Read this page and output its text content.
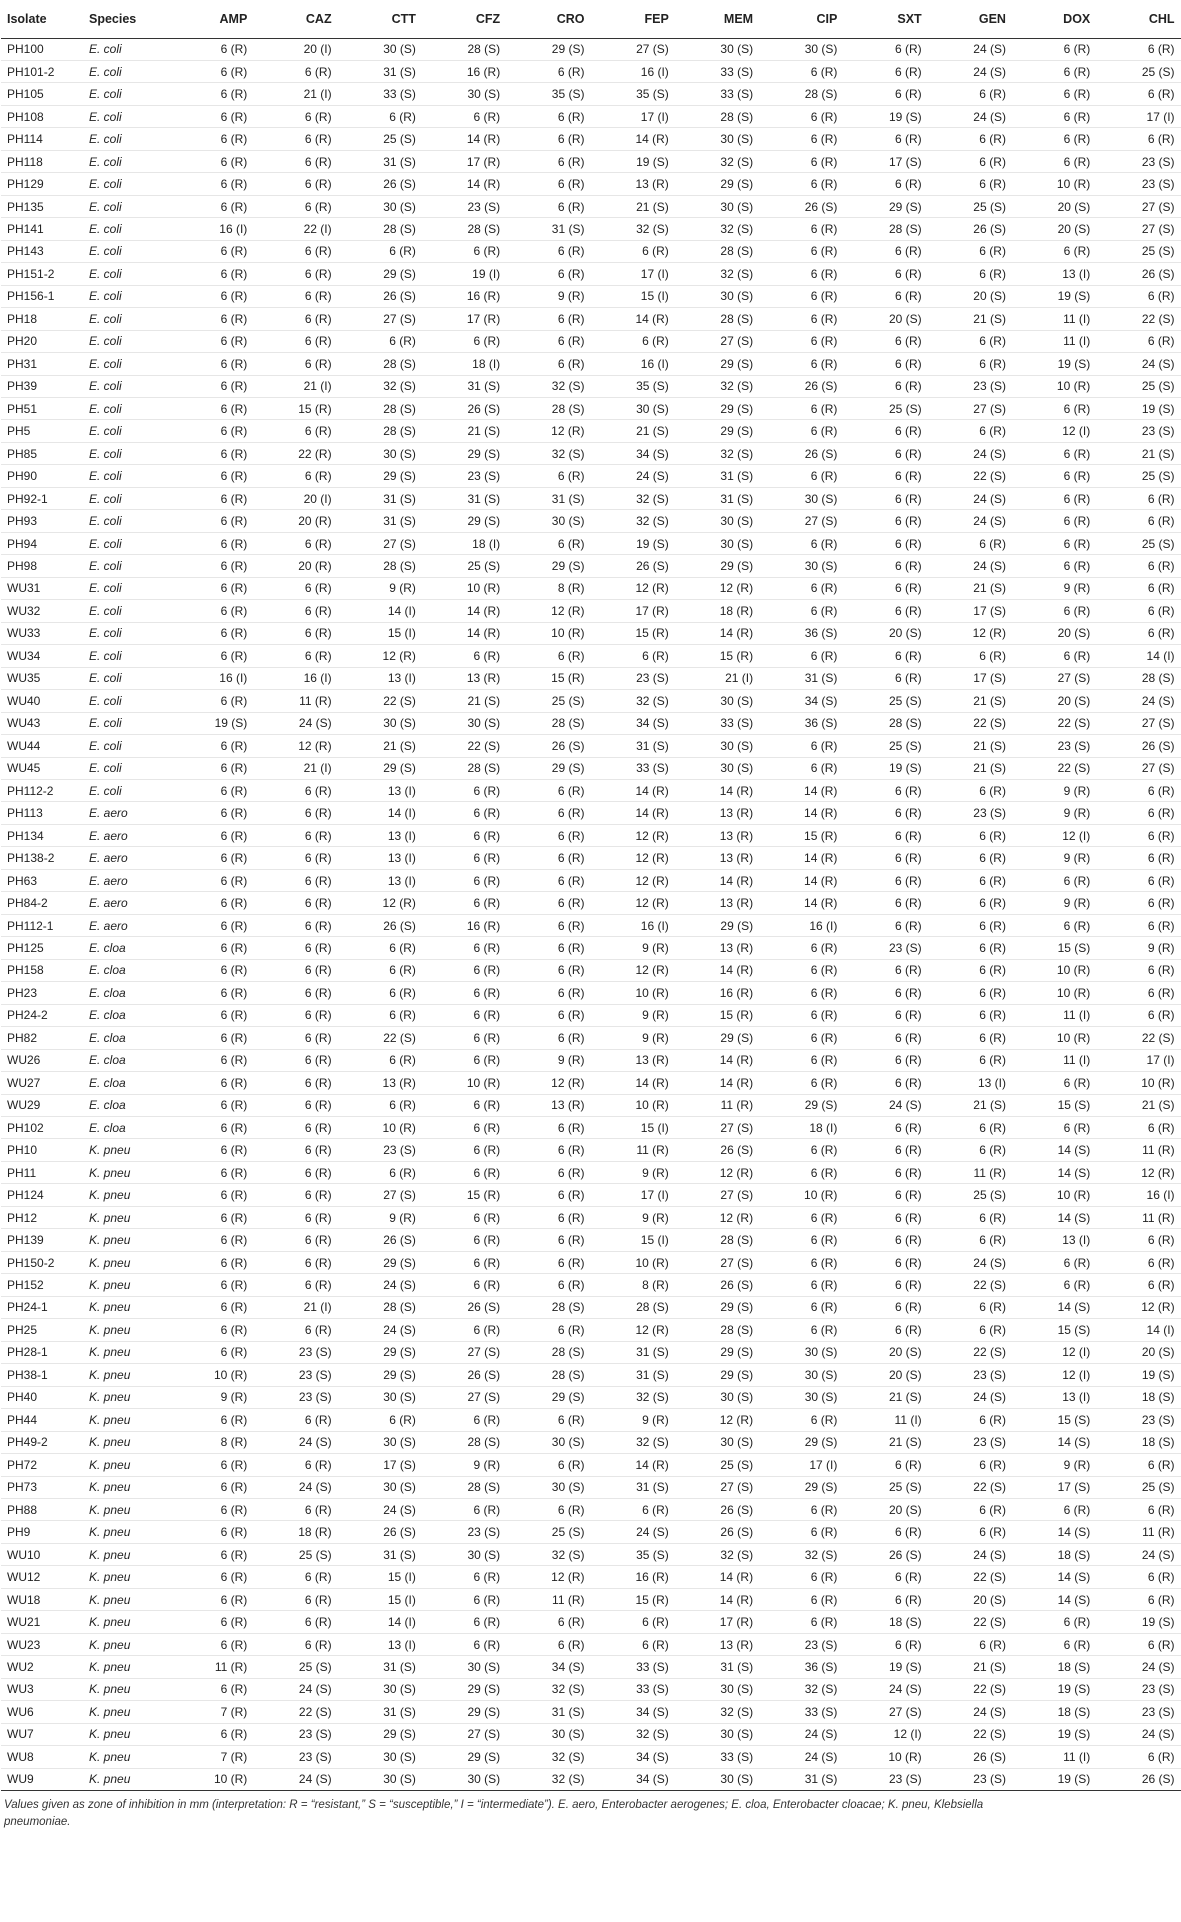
Isolate	Species	AMP	CAZ	CTT	CFZ	CRO	FEP	MEM	CIP	SXT	GEN	DOX	CHL
PH100	E. coli	6 (R)	20 (I)	30 (S)	28 (S)	29 (S)	27 (S)	30 (S)	30 (S)	6 (R)	24 (S)	6 (R)	6 (R)
PH101-2	E. coli	6 (R)	6 (R)	31 (S)	16 (R)	6 (R)	16 (I)	33 (S)	6 (R)	6 (R)	24 (S)	6 (R)	25 (S)
PH105	E. coli	6 (R)	21 (I)	33 (S)	30 (S)	35 (S)	35 (S)	33 (S)	28 (S)	6 (R)	6 (R)	6 (R)	6 (R)
PH108	E. coli	6 (R)	6 (R)	6 (R)	6 (R)	6 (R)	17 (I)	28 (S)	6 (R)	19 (S)	24 (S)	6 (R)	17 (I)
PH114	E. coli	6 (R)	6 (R)	25 (S)	14 (R)	6 (R)	14 (R)	30 (S)	6 (R)	6 (R)	6 (R)	6 (R)	6 (R)
PH118	E. coli	6 (R)	6 (R)	31 (S)	17 (R)	6 (R)	19 (S)	32 (S)	6 (R)	17 (S)	6 (R)	6 (R)	23 (S)
PH129	E. coli	6 (R)	6 (R)	26 (S)	14 (R)	6 (R)	13 (R)	29 (S)	6 (R)	6 (R)	6 (R)	10 (R)	23 (S)
PH135	E. coli	6 (R)	6 (R)	30 (S)	23 (S)	6 (R)	21 (S)	30 (S)	26 (S)	29 (S)	25 (S)	20 (S)	27 (S)
PH141	E. coli	16 (I)	22 (I)	28 (S)	28 (S)	31 (S)	32 (S)	32 (S)	6 (R)	28 (S)	26 (S)	20 (S)	27 (S)
PH143	E. coli	6 (R)	6 (R)	6 (R)	6 (R)	6 (R)	6 (R)	28 (S)	6 (R)	6 (R)	6 (R)	6 (R)	25 (S)
PH151-2	E. coli	6 (R)	6 (R)	29 (S)	19 (I)	6 (R)	17 (I)	32 (S)	6 (R)	6 (R)	6 (R)	13 (I)	26 (S)
PH156-1	E. coli	6 (R)	6 (R)	26 (S)	16 (R)	9 (R)	15 (I)	30 (S)	6 (R)	6 (R)	20 (S)	19 (S)	6 (R)
PH18	E. coli	6 (R)	6 (R)	27 (S)	17 (R)	6 (R)	14 (R)	28 (S)	6 (R)	20 (S)	21 (S)	11 (I)	22 (S)
PH20	E. coli	6 (R)	6 (R)	6 (R)	6 (R)	6 (R)	6 (R)	27 (S)	6 (R)	6 (R)	6 (R)	11 (I)	6 (R)
PH31	E. coli	6 (R)	6 (R)	28 (S)	18 (I)	6 (R)	16 (I)	29 (S)	6 (R)	6 (R)	6 (R)	19 (S)	24 (S)
PH39	E. coli	6 (R)	21 (I)	32 (S)	31 (S)	32 (S)	35 (S)	32 (S)	26 (S)	6 (R)	23 (S)	10 (R)	25 (S)
PH51	E. coli	6 (R)	15 (R)	28 (S)	26 (S)	28 (S)	30 (S)	29 (S)	6 (R)	25 (S)	27 (S)	6 (R)	19 (S)
PH5	E. coli	6 (R)	6 (R)	28 (S)	21 (S)	12 (R)	21 (S)	29 (S)	6 (R)	6 (R)	6 (R)	12 (I)	23 (S)
PH85	E. coli	6 (R)	22 (R)	30 (S)	29 (S)	32 (S)	34 (S)	32 (S)	26 (S)	6 (R)	24 (S)	6 (R)	21 (S)
PH90	E. coli	6 (R)	6 (R)	29 (S)	23 (S)	6 (R)	24 (S)	31 (S)	6 (R)	6 (R)	22 (S)	6 (R)	25 (S)
PH92-1	E. coli	6 (R)	20 (I)	31 (S)	31 (S)	31 (S)	32 (S)	31 (S)	30 (S)	6 (R)	24 (S)	6 (R)	6 (R)
PH93	E. coli	6 (R)	20 (R)	31 (S)	29 (S)	30 (S)	32 (S)	30 (S)	27 (S)	6 (R)	24 (S)	6 (R)	6 (R)
PH94	E. coli	6 (R)	6 (R)	27 (S)	18 (I)	6 (R)	19 (S)	30 (S)	6 (R)	6 (R)	6 (R)	6 (R)	25 (S)
PH98	E. coli	6 (R)	20 (R)	28 (S)	25 (S)	29 (S)	26 (S)	29 (S)	30 (S)	6 (R)	24 (S)	6 (R)	6 (R)
WU31	E. coli	6 (R)	6 (R)	9 (R)	10 (R)	8 (R)	12 (R)	12 (R)	6 (R)	6 (R)	21 (S)	9 (R)	6 (R)
WU32	E. coli	6 (R)	6 (R)	14 (I)	14 (R)	12 (R)	17 (R)	18 (R)	6 (R)	6 (R)	17 (S)	6 (R)	6 (R)
WU33	E. coli	6 (R)	6 (R)	15 (I)	14 (R)	10 (R)	15 (R)	14 (R)	36 (S)	20 (S)	12 (R)	20 (S)	6 (R)
WU34	E. coli	6 (R)	6 (R)	12 (R)	6 (R)	6 (R)	6 (R)	15 (R)	6 (R)	6 (R)	6 (R)	6 (R)	14 (I)
WU35	E. coli	16 (I)	16 (I)	13 (I)	13 (R)	15 (R)	23 (S)	21 (I)	31 (S)	6 (R)	17 (S)	27 (S)	28 (S)
WU40	E. coli	6 (R)	11 (R)	22 (S)	21 (S)	25 (S)	32 (S)	30 (S)	34 (S)	25 (S)	21 (S)	20 (S)	24 (S)
WU43	E. coli	19 (S)	24 (S)	30 (S)	30 (S)	28 (S)	34 (S)	33 (S)	36 (S)	28 (S)	22 (S)	22 (S)	27 (S)
WU44	E. coli	6 (R)	12 (R)	21 (S)	22 (S)	26 (S)	31 (S)	30 (S)	6 (R)	25 (S)	21 (S)	23 (S)	26 (S)
WU45	E. coli	6 (R)	21 (I)	29 (S)	28 (S)	29 (S)	33 (S)	30 (S)	6 (R)	19 (S)	21 (S)	22 (S)	27 (S)
PH112-2	E. coli	6 (R)	6 (R)	13 (I)	6 (R)	6 (R)	14 (R)	14 (R)	14 (R)	6 (R)	6 (R)	9 (R)	6 (R)
PH113	E. aero	6 (R)	6 (R)	14 (I)	6 (R)	6 (R)	14 (R)	13 (R)	14 (R)	6 (R)	23 (S)	9 (R)	6 (R)
PH134	E. aero	6 (R)	6 (R)	13 (I)	6 (R)	6 (R)	12 (R)	13 (R)	15 (R)	6 (R)	6 (R)	12 (I)	6 (R)
PH138-2	E. aero	6 (R)	6 (R)	13 (I)	6 (R)	6 (R)	12 (R)	13 (R)	14 (R)	6 (R)	6 (R)	9 (R)	6 (R)
PH63	E. aero	6 (R)	6 (R)	13 (I)	6 (R)	6 (R)	12 (R)	14 (R)	14 (R)	6 (R)	6 (R)	6 (R)	6 (R)
PH84-2	E. aero	6 (R)	6 (R)	12 (R)	6 (R)	6 (R)	12 (R)	13 (R)	14 (R)	6 (R)	6 (R)	9 (R)	6 (R)
PH112-1	E. aero	6 (R)	6 (R)	26 (S)	16 (R)	6 (R)	16 (I)	29 (S)	16 (I)	6 (R)	6 (R)	6 (R)	6 (R)
PH125	E. cloa	6 (R)	6 (R)	6 (R)	6 (R)	6 (R)	9 (R)	13 (R)	6 (R)	23 (S)	6 (R)	15 (S)	9 (R)
PH158	E. cloa	6 (R)	6 (R)	6 (R)	6 (R)	6 (R)	12 (R)	14 (R)	6 (R)	6 (R)	6 (R)	10 (R)	6 (R)
PH23	E. cloa	6 (R)	6 (R)	6 (R)	6 (R)	6 (R)	10 (R)	16 (R)	6 (R)	6 (R)	6 (R)	10 (R)	6 (R)
PH24-2	E. cloa	6 (R)	6 (R)	6 (R)	6 (R)	6 (R)	9 (R)	15 (R)	6 (R)	6 (R)	6 (R)	11 (I)	6 (R)
PH82	E. cloa	6 (R)	6 (R)	22 (S)	6 (R)	6 (R)	9 (R)	29 (S)	6 (R)	6 (R)	6 (R)	10 (R)	22 (S)
WU26	E. cloa	6 (R)	6 (R)	6 (R)	6 (R)	9 (R)	13 (R)	14 (R)	6 (R)	6 (R)	6 (R)	11 (I)	17 (I)
WU27	E. cloa	6 (R)	6 (R)	13 (R)	10 (R)	12 (R)	14 (R)	14 (R)	6 (R)	6 (R)	13 (I)	6 (R)	10 (R)
WU29	E. cloa	6 (R)	6 (R)	6 (R)	6 (R)	13 (R)	10 (R)	11 (R)	29 (S)	24 (S)	21 (S)	15 (S)	21 (S)
PH102	E. cloa	6 (R)	6 (R)	10 (R)	6 (R)	6 (R)	15 (I)	27 (S)	18 (I)	6 (R)	6 (R)	6 (R)	6 (R)
PH10	K. pneu	6 (R)	6 (R)	23 (S)	6 (R)	6 (R)	11 (R)	26 (S)	6 (R)	6 (R)	6 (R)	14 (S)	11 (R)
PH11	K. pneu	6 (R)	6 (R)	6 (R)	6 (R)	6 (R)	9 (R)	12 (R)	6 (R)	6 (R)	11 (R)	14 (S)	12 (R)
PH124	K. pneu	6 (R)	6 (R)	27 (S)	15 (R)	6 (R)	17 (I)	27 (S)	10 (R)	6 (R)	25 (S)	10 (R)	16 (I)
PH12	K. pneu	6 (R)	6 (R)	9 (R)	6 (R)	6 (R)	9 (R)	12 (R)	6 (R)	6 (R)	6 (R)	14 (S)	11 (R)
PH139	K. pneu	6 (R)	6 (R)	26 (S)	6 (R)	6 (R)	15 (I)	28 (S)	6 (R)	6 (R)	6 (R)	13 (I)	6 (R)
PH150-2	K. pneu	6 (R)	6 (R)	29 (S)	6 (R)	6 (R)	10 (R)	27 (S)	6 (R)	6 (R)	24 (S)	6 (R)	6 (R)
PH152	K. pneu	6 (R)	6 (R)	24 (S)	6 (R)	6 (R)	8 (R)	26 (S)	6 (R)	6 (R)	22 (S)	6 (R)	6 (R)
PH24-1	K. pneu	6 (R)	21 (I)	28 (S)	26 (S)	28 (S)	28 (S)	29 (S)	6 (R)	6 (R)	6 (R)	14 (S)	12 (R)
PH25	K. pneu	6 (R)	6 (R)	24 (S)	6 (R)	6 (R)	12 (R)	28 (S)	6 (R)	6 (R)	6 (R)	15 (S)	14 (I)
PH28-1	K. pneu	6 (R)	23 (S)	29 (S)	27 (S)	28 (S)	31 (S)	29 (S)	30 (S)	20 (S)	22 (S)	12 (I)	20 (S)
PH38-1	K. pneu	10 (R)	23 (S)	29 (S)	26 (S)	28 (S)	31 (S)	29 (S)	30 (S)	20 (S)	23 (S)	12 (I)	19 (S)
PH40	K. pneu	9 (R)	23 (S)	30 (S)	27 (S)	29 (S)	32 (S)	30 (S)	30 (S)	21 (S)	24 (S)	13 (I)	18 (S)
PH44	K. pneu	6 (R)	6 (R)	6 (R)	6 (R)	6 (R)	9 (R)	12 (R)	6 (R)	11 (I)	6 (R)	15 (S)	23 (S)
PH49-2	K. pneu	8 (R)	24 (S)	30 (S)	28 (S)	30 (S)	32 (S)	30 (S)	29 (S)	21 (S)	23 (S)	14 (S)	18 (S)
PH72	K. pneu	6 (R)	6 (R)	17 (S)	9 (R)	6 (R)	14 (R)	25 (S)	17 (I)	6 (R)	6 (R)	9 (R)	6 (R)
PH73	K. pneu	6 (R)	24 (S)	30 (S)	28 (S)	30 (S)	31 (S)	27 (S)	29 (S)	25 (S)	22 (S)	17 (S)	25 (S)
PH88	K. pneu	6 (R)	6 (R)	24 (S)	6 (R)	6 (R)	6 (R)	26 (S)	6 (R)	20 (S)	6 (R)	6 (R)	6 (R)
PH9	K. pneu	6 (R)	18 (R)	26 (S)	23 (S)	25 (S)	24 (S)	26 (S)	6 (R)	6 (R)	6 (R)	14 (S)	11 (R)
WU10	K. pneu	6 (R)	25 (S)	31 (S)	30 (S)	32 (S)	35 (S)	32 (S)	32 (S)	26 (S)	24 (S)	18 (S)	24 (S)
WU12	K. pneu	6 (R)	6 (R)	15 (I)	6 (R)	12 (R)	16 (R)	14 (R)	6 (R)	6 (R)	22 (S)	14 (S)	6 (R)
WU18	K. pneu	6 (R)	6 (R)	15 (I)	6 (R)	11 (R)	15 (R)	14 (R)	6 (R)	6 (R)	20 (S)	14 (S)	6 (R)
WU21	K. pneu	6 (R)	6 (R)	14 (I)	6 (R)	6 (R)	6 (R)	17 (R)	6 (R)	18 (S)	22 (S)	6 (R)	19 (S)
WU23	K. pneu	6 (R)	6 (R)	13 (I)	6 (R)	6 (R)	6 (R)	13 (R)	23 (S)	6 (R)	6 (R)	6 (R)	6 (R)
WU2	K. pneu	11 (R)	25 (S)	31 (S)	30 (S)	34 (S)	33 (S)	31 (S)	36 (S)	19 (S)	21 (S)	18 (S)	24 (S)
WU3	K. pneu	6 (R)	24 (S)	30 (S)	29 (S)	32 (S)	33 (S)	30 (S)	32 (S)	24 (S)	22 (S)	19 (S)	23 (S)
WU6	K. pneu	7 (R)	22 (S)	31 (S)	29 (S)	31 (S)	34 (S)	32 (S)	33 (S)	27 (S)	24 (S)	18 (S)	23 (S)
WU7	K. pneu	6 (R)	23 (S)	29 (S)	27 (S)	30 (S)	32 (S)	30 (S)	24 (S)	12 (I)	22 (S)	19 (S)	24 (S)
WU8	K. pneu	7 (R)	23 (S)	30 (S)	29 (S)	32 (S)	34 (S)	33 (S)	24 (S)	10 (R)	26 (S)	11 (I)	6 (R)
WU9	K. pneu	10 (R)	24 (S)	30 (S)	30 (S)	32 (S)	34 (S)	30 (S)	31 (S)	23 (S)	23 (S)	19 (S)	26 (S)
Values given as zone of inhibition in mm (interpretation: R = “resistant,” S = “susceptible,” I = “intermediate”). E. aero, Enterobacter aerogenes; E. cloa, Enterobacter cloacae; K. pneu, Klebsiella pneumoniae.
